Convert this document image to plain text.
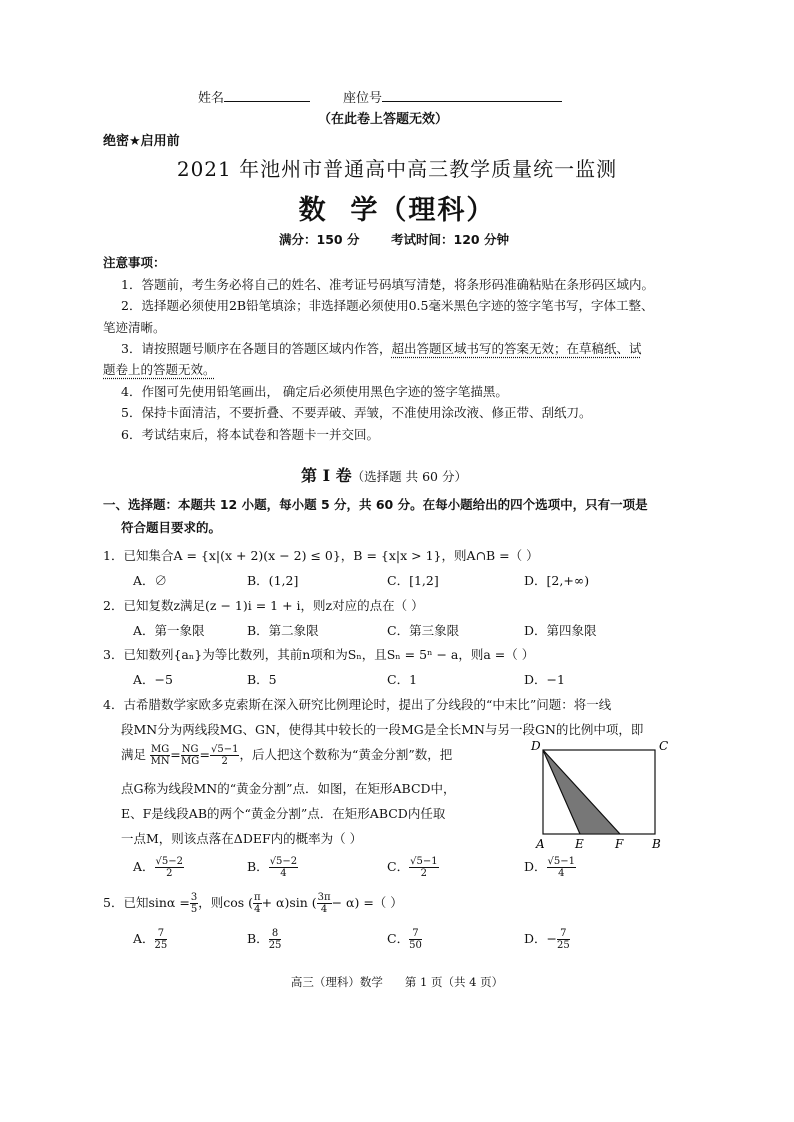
姓名	座位号
（在此卷上答题无效）
绝密★启用前
2021 年池州市普通高中高三教学质量统一监测
数  学（理科）
满分：150 分	考试时间：120 分钟
注意事项：
1．答题前，考生务必将自己的姓名、准考证号码填写清楚，将条形码准确粘贴在条形码区域内。
2．选择题必须使用2B铅笔填涂；非选择题必须使用0.5毫米黑色字迹的签字笔书写，字体工整、
笔迹清晰。
3．请按照题号顺序在各题目的答题区域内作答，超出答题区域书写的答案无效；在草稿纸、试
题卷上的答题无效。
4．作图可先使用铅笔画出， 确定后必须使用黑色字迹的签字笔描黑。
5．保持卡面清洁，不要折叠、不要弄破、弄皱，不准使用涂改液、修正带、刮纸刀。
6．考试结束后，将本试卷和答题卡一并交回。
第 I 卷（选择题 共 60 分）
一、选择题：本题共 12 小题，每小题 5 分，共 60 分。在每小题给出的四个选项中，只有一项是
符合题目要求的。
1．已知集合A = {x|(x + 2)(x − 2) ≤ 0}，B = {x|x > 1}，则A∩B =（ ）
A．∅	B．(1,2]	C．[1,2]	D．[2,+∞)
2．已知复数z满足(z − 1)i = 1 + i，则z对应的点在（ ）
A．第一象限	B．第二象限	C．第三象限	D．第四象限
3．已知数列{aₙ}为等比数列，其前n项和为Sₙ，且Sₙ = 5ⁿ − a，则a =（ ）
A．−5	B．5	C．1	D．−1
4．古希腊数学家欧多克索斯在深入研究比例理论时，提出了分线段的“中末比”问题：将一线
段MN分为两线段MG、GN，使得其中较长的一段MG是全长MN与另一段GN的比例中项，即
满足 $\frac{MG}{MN} = \frac{NG}{MG} = \frac{√5-1}{2}$ ，后人把这个数称为“黄金分割”数，把
点G称为线段MN的“黄金分割”点．如图，在矩形ABCD中，
E、F是线段AB的两个“黄金分割”点．在矩形ABCD内任取
一点M，则该点落在ΔDEF内的概率为（ ）
D	C
A	E	F B
A． $\frac{√5-2}{2}$	B． $\frac{√5-2}{4}$	C． $\frac{√5-1}{2}$	D． $\frac{√5-1}{4}$
5．已知$\sin\alpha = \frac{3}{5}$ ，则cos ( $\frac{\pi}{4} + \alpha)\sin$ ( $\frac{3\pi}{4} - \alpha$) =（ ）
A． $\frac{7}{25}$	B． $\frac{8}{25}$	C． $\frac{7}{50}$	D．− $\frac{7}{25}$
高三（理科）数学      第 1 页（共 4 页）
